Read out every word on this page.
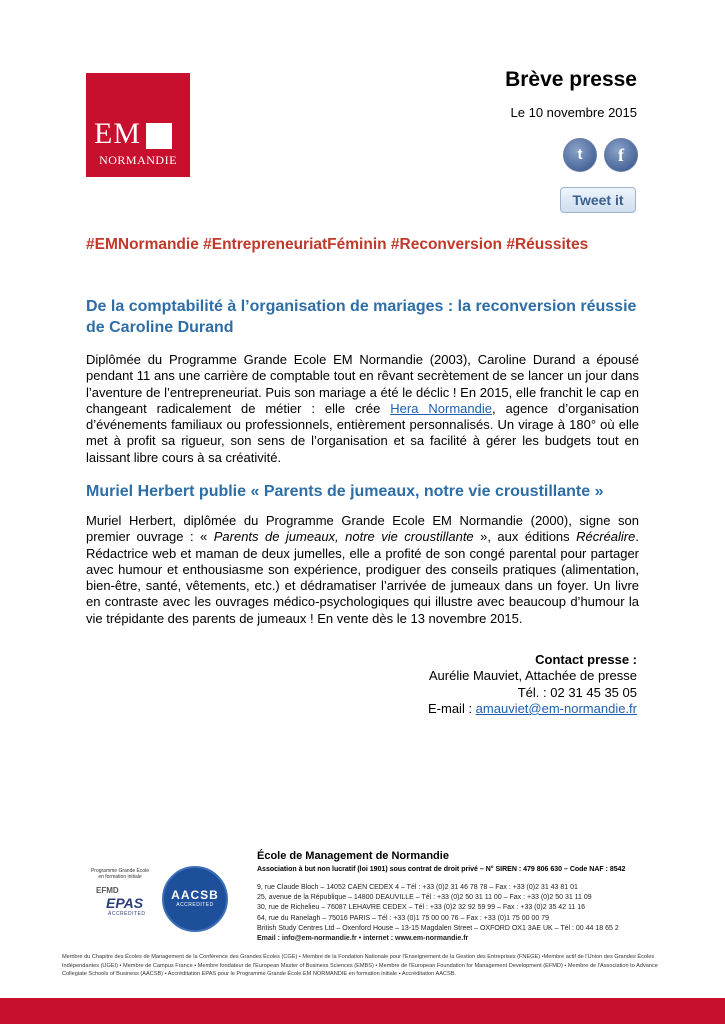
EM
NORMANDIE
Brève presse
Le 10 novembre 2015
t	f
Tweet it
#EMNormandie #EntrepreneuriatFéminin #Reconversion #Réussites
De la comptabilité à l’organisation de mariages : la reconversion réussie de Caroline Durand
Diplômée du Programme Grande Ecole EM Normandie (2003), Caroline Durand a épousé pendant 11 ans une carrière de comptable tout en rêvant secrètement de se lancer un jour dans l’aventure de l’entrepreneuriat. Puis son mariage a été le déclic ! En 2015, elle franchit le cap en changeant radicalement de métier : elle crée Hera Normandie, agence d’organisation d’événements familiaux ou professionnels, entièrement personnalisés. Un virage à 180° où elle met à profit sa rigueur, son sens de l’organisation et sa facilité à gérer les budgets tout en laissant libre cours à sa créativité.
Muriel Herbert publie « Parents de jumeaux, notre vie croustillante »
Muriel Herbert, diplômée du Programme Grande Ecole EM Normandie (2000), signe son premier ouvrage : « Parents de jumeaux, notre vie croustillante », aux éditions Récréalire. Rédactrice web et maman de deux jumelles, elle a profité de son congé parental pour partager avec humour et enthousiasme son expérience, prodiguer des conseils pratiques (alimentation, bien-être, santé, vêtements, etc.) et dédramatiser l’arrivée de jumeaux dans un foyer. Un livre en contraste avec les ouvrages médico-psychologiques qui illustre avec beaucoup d’humour la vie trépidante des parents de jumeaux ! En vente dès le 13 novembre 2015.
Contact presse :
Aurélie Mauviet, Attachée de presse
Tél. : 02 31 45 35 05
E-mail : amauviet@em-normandie.fr
Programme Grande Ecole en formation initiale
EFMD
EPAS
ACCREDITED
AACSB
ACCREDITED
École de Management de Normandie
Association à but non lucratif (loi 1901) sous contrat de droit privé – N° SIREN : 479 806 630 – Code NAF : 8542
9, rue Claude Bloch – 14052 CAEN CEDEX 4 – Tél : +33 (0)2 31 46 78 78 – Fax : +33 (0)2 31 43 81 01
25, avenue de la République – 14800 DEAUVILLE – Tél : +33 (0)2 50 31 11 00 – Fax : +33 (0)2 50 31 11 09
30, rue de Richelieu – 76087 LEHAVRE CEDEX – Tél : +33 (0)2 32 92 59 99 – Fax : +33 (0)2 35 42 11 16
64, rue du Ranelagh – 75016 PARIS – Tél : +33 (0)1 75 00 00 76 – Fax : +33 (0)1 75 00 00 79
British Study Centres Ltd – Oxenford House – 13-15 Magdalen Street – OXFORD OX1 3AE UK – Tél : 00 44 18 65 2
Email : info@em-normandie.fr • internet : www.em-normandie.fr
Membre du Chapitre des Écoles de Management de la Conférence des Grandes Écoles (CGE) • Membre de la Fondation Nationale pour l'Enseignement de la Gestion des Entreprises (FNEGE) •Membre actif de l'Union des Grandes Écoles Indépendantes (UGEI) • Membre de Campus France • Membre fondateur de l'European Master of Business Sciences (EMBS) • Membre de l'European Foundation for Management Development (EFMD) • Membre de l'Association to Advance Collegiate Schools of Business (AACSB) • Accréditation EPAS pour le Programme Grande École EM NORMANDIE en formation initiale • Accréditation AACSB.
